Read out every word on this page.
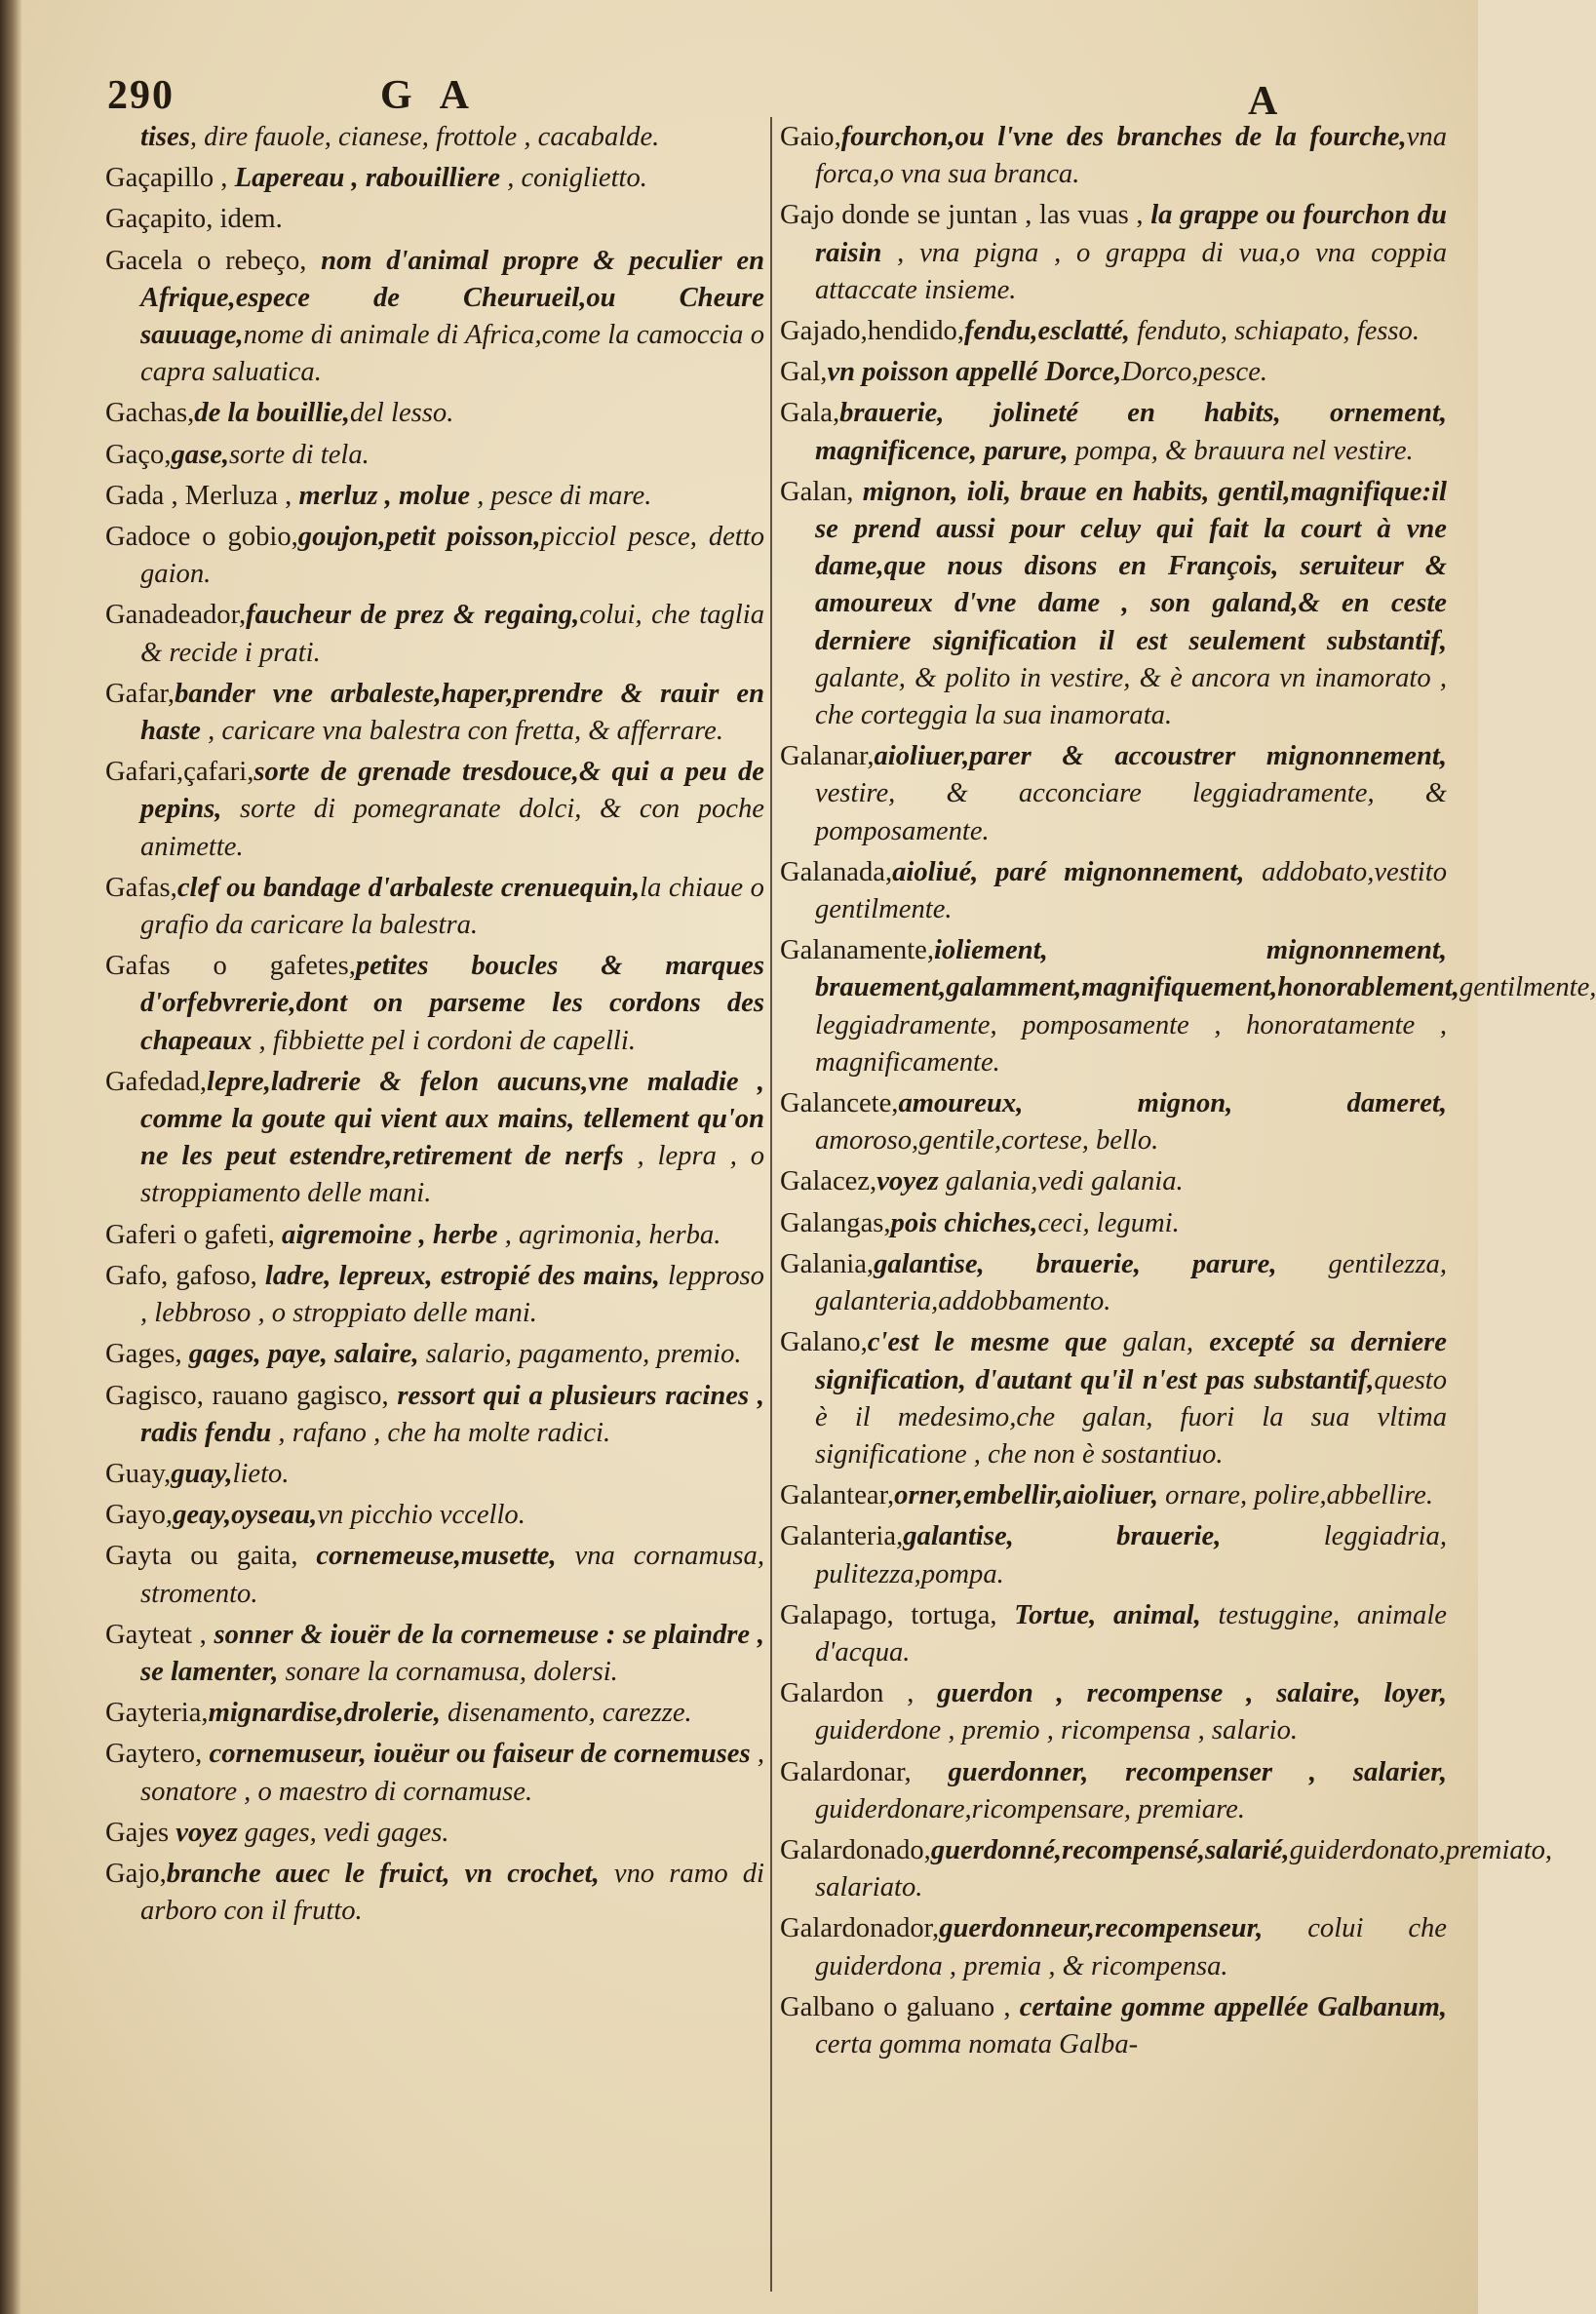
290	GA	A

tises, dire fauole, cianese, frottole , cacabalde.

Gaçapillo , Lapereau , rabouilliere , coniglietto.

Gaçapito, idem.

Gacela o rebeço, nom d'animal propre & peculier en Afrique,espece de Cheurueil,ou Cheure sauuage,nome di animale di Africa,come la camoccia o capra saluatica.

Gachas,de la bouillie,del lesso.

Gaço,gase,sorte di tela.

Gada , Merluza , merluz , molue , pesce di mare.

Gadoce o gobio,goujon,petit poisson,picciol pesce, detto gaion.

Ganadeador,faucheur de prez & regaing,colui, che taglia & recide i prati.

Gafar,bander vne arbaleste,haper,prendre & rauir en haste , caricare vna balestra con fretta, & afferrare.

Gafari,çafari,sorte de grenade tresdouce,& qui a peu de pepins, sorte di pomegranate dolci, & con poche animette.

Gafas,clef ou bandage d'arbaleste crenuequin,la chiaue o grafio da caricare la balestra.

Gafas o gafetes,petites boucles & marques d'orfebvrerie,dont on parseme les cordons des chapeaux , fibbiette pel i cordoni de capelli.

Gafedad,lepre,ladrerie & felon aucuns,vne maladie , comme la goute qui vient aux mains, tellement qu'on ne les peut estendre,retirement de nerfs , lepra , o stroppiamento delle mani.

Gaferi o gafeti, aigremoine , herbe , agrimonia, herba.

Gafo, gafoso, ladre, lepreux, estropié des mains, lepproso , lebbroso , o stroppiato delle mani.

Gages, gages, paye, salaire, salario, pagamento, premio.

Gagisco, rauano gagisco, ressort qui a plusieurs racines , radis fendu , rafano , che ha molte radici.

Guay,guay,lieto.

Gayo,geay,oyseau,vn picchio vccello.

Gayta ou gaita, cornemeuse,musette, vna cornamusa, stromento.

Gayteat , sonner & iouër de la cornemeuse : se plaindre , se lamenter, sonare la cornamusa, dolersi.

Gayteria,mignardise,drolerie, disenamento, carezze.

Gaytero, cornemuseur, iouëur ou faiseur de cornemuses , sonatore , o maestro di cornamuse.

Gajes voyez gages, vedi gages.

Gajo,branche auec le fruict, vn crochet, vno ramo di arboro con il frutto.

Gaio,fourchon,ou l'vne des branches de la fourche,vna forca,o vna sua branca.

Gajo donde se juntan , las vuas , la grappe ou fourchon du raisin , vna pigna , o grappa di vua,o vna coppia attaccate insieme.

Gajado,hendido,fendu,esclatté, fenduto, schiapato, fesso.

Gal,vn poisson appellé Dorce,Dorco,pesce.

Gala,brauerie, jolineté en habits, ornement, magnificence, parure, pompa, & brauura nel vestire.

Galan, mignon, ioli, braue en habits, gentil,magnifique:il se prend aussi pour celuy qui fait la court à vne dame,que nous disons en François, seruiteur & amoureux d'vne dame , son galand,& en ceste derniere signification il est seulement substantif, galante, & polito in vestire, & è ancora vn inamorato , che corteggia la sua inamorata.

Galanar,aioliuer,parer & accoustrer mignonnement, vestire, & acconciare leggiadramente, & pomposamente.

Galanada,aioliué, paré mignonnement, addobato,vestito gentilmente.

Galanamente,ioliement, mignonnement, brauement,galamment,magnifiquement,honorablement,gentilmente, leggiadramente, pomposamente , honoratamente , magnificamente.

Galancete,amoureux, mignon, dameret, amoroso,gentile,cortese, bello.

Galacez,voyez galania,vedi galania.

Galangas,pois chiches,ceci, legumi.

Galania,galantise, brauerie, parure, gentilezza, galanteria,addobbamento.

Galano,c'est le mesme que galan, excepté sa derniere signification, d'autant qu'il n'est pas substantif,questo è il medesimo,che galan, fuori la sua vltima significatione , che non è sostantiuo.

Galantear,orner,embellir,aioliuer, ornare, polire,abbellire.

Galanteria,galantise, brauerie, leggiadria, pulitezza,pompa.

Galapago, tortuga, Tortue, animal, testuggine, animale d'acqua.

Galardon , guerdon , recompense , salaire, loyer, guiderdone , premio , ricompensa , salario.

Galardonar, guerdonner, recompenser , salarier, guiderdonare,ricompensare, premiare.

Galardonado,guerdonné,recompensé,salarié,guiderdonato,premiato, salariato.

Galardonador,guerdonneur,recompenseur, colui che guiderdona , premia , & ricompensa.

Galbano o galuano , certaine gomme appellée Galbanum, certa gomma nomata Galba-
